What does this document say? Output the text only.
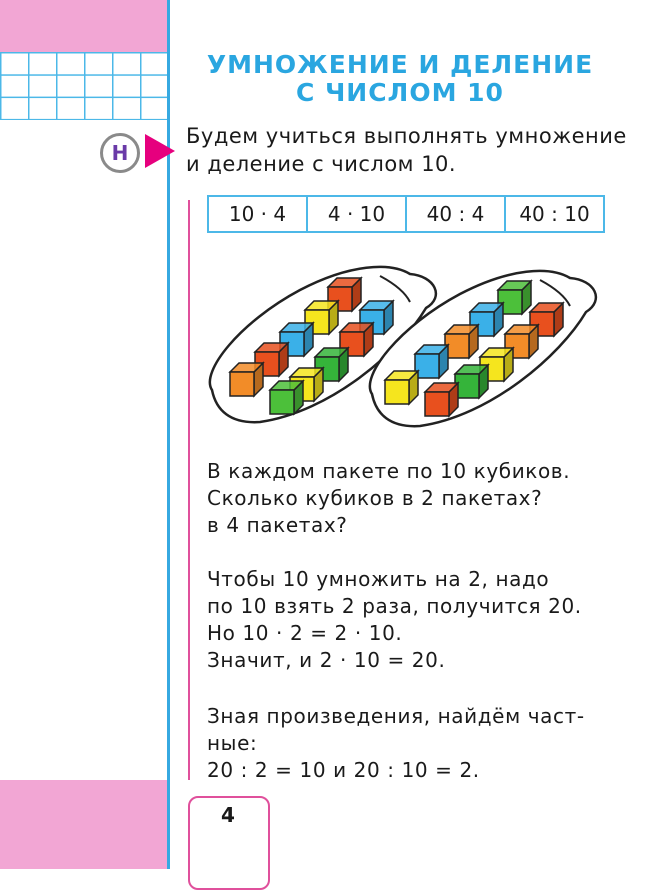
УМНОЖЕНИЕ И ДЕЛЕНИЕ
С ЧИСЛОМ 10
Н

Будем учиться выполнять умножение

и деление с числом 10.

10 · 4	4 · 10	40 : 4	40 : 10

В каждом пакете по 10 кубиков.

Сколько кубиков в 2 пакетах?

в 4 пакетах?

Чтобы 10 умножить на 2, надо

по 10 взять 2 раза, получится 20.

Но 10 · 2 = 2 · 10.

Значит, и 2 · 10 = 20.

Зная произведения, найдём част-

ные:

20 : 2 = 10 и 20 : 10 = 2.

4
